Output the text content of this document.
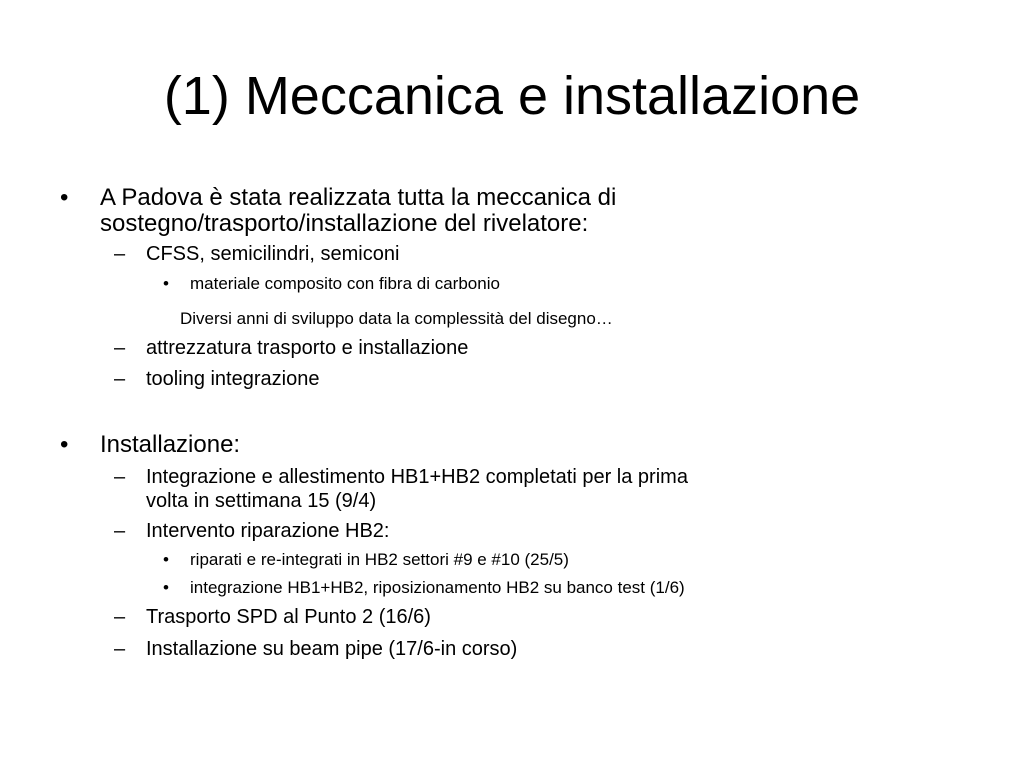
(1) Meccanica e installazione
• A Padova è stata realizzata tutta la meccanica di
sostegno/trasporto/installazione del rivelatore:
– CFSS, semicilindri, semiconi
• materiale composito con fibra di carbonio
Diversi anni di sviluppo data la complessità del disegno…
– attrezzatura trasporto e installazione
– tooling integrazione
• Installazione:
– Integrazione e allestimento HB1+HB2 completati per la prima
volta in settimana 15 (9/4)
– Intervento riparazione HB2:
• riparati e re-integrati in HB2 settori #9 e #10 (25/5)
• integrazione HB1+HB2, riposizionamento HB2 su banco test (1/6)
– Trasporto SPD al Punto 2 (16/6)
– Installazione su beam pipe (17/6-in corso)
